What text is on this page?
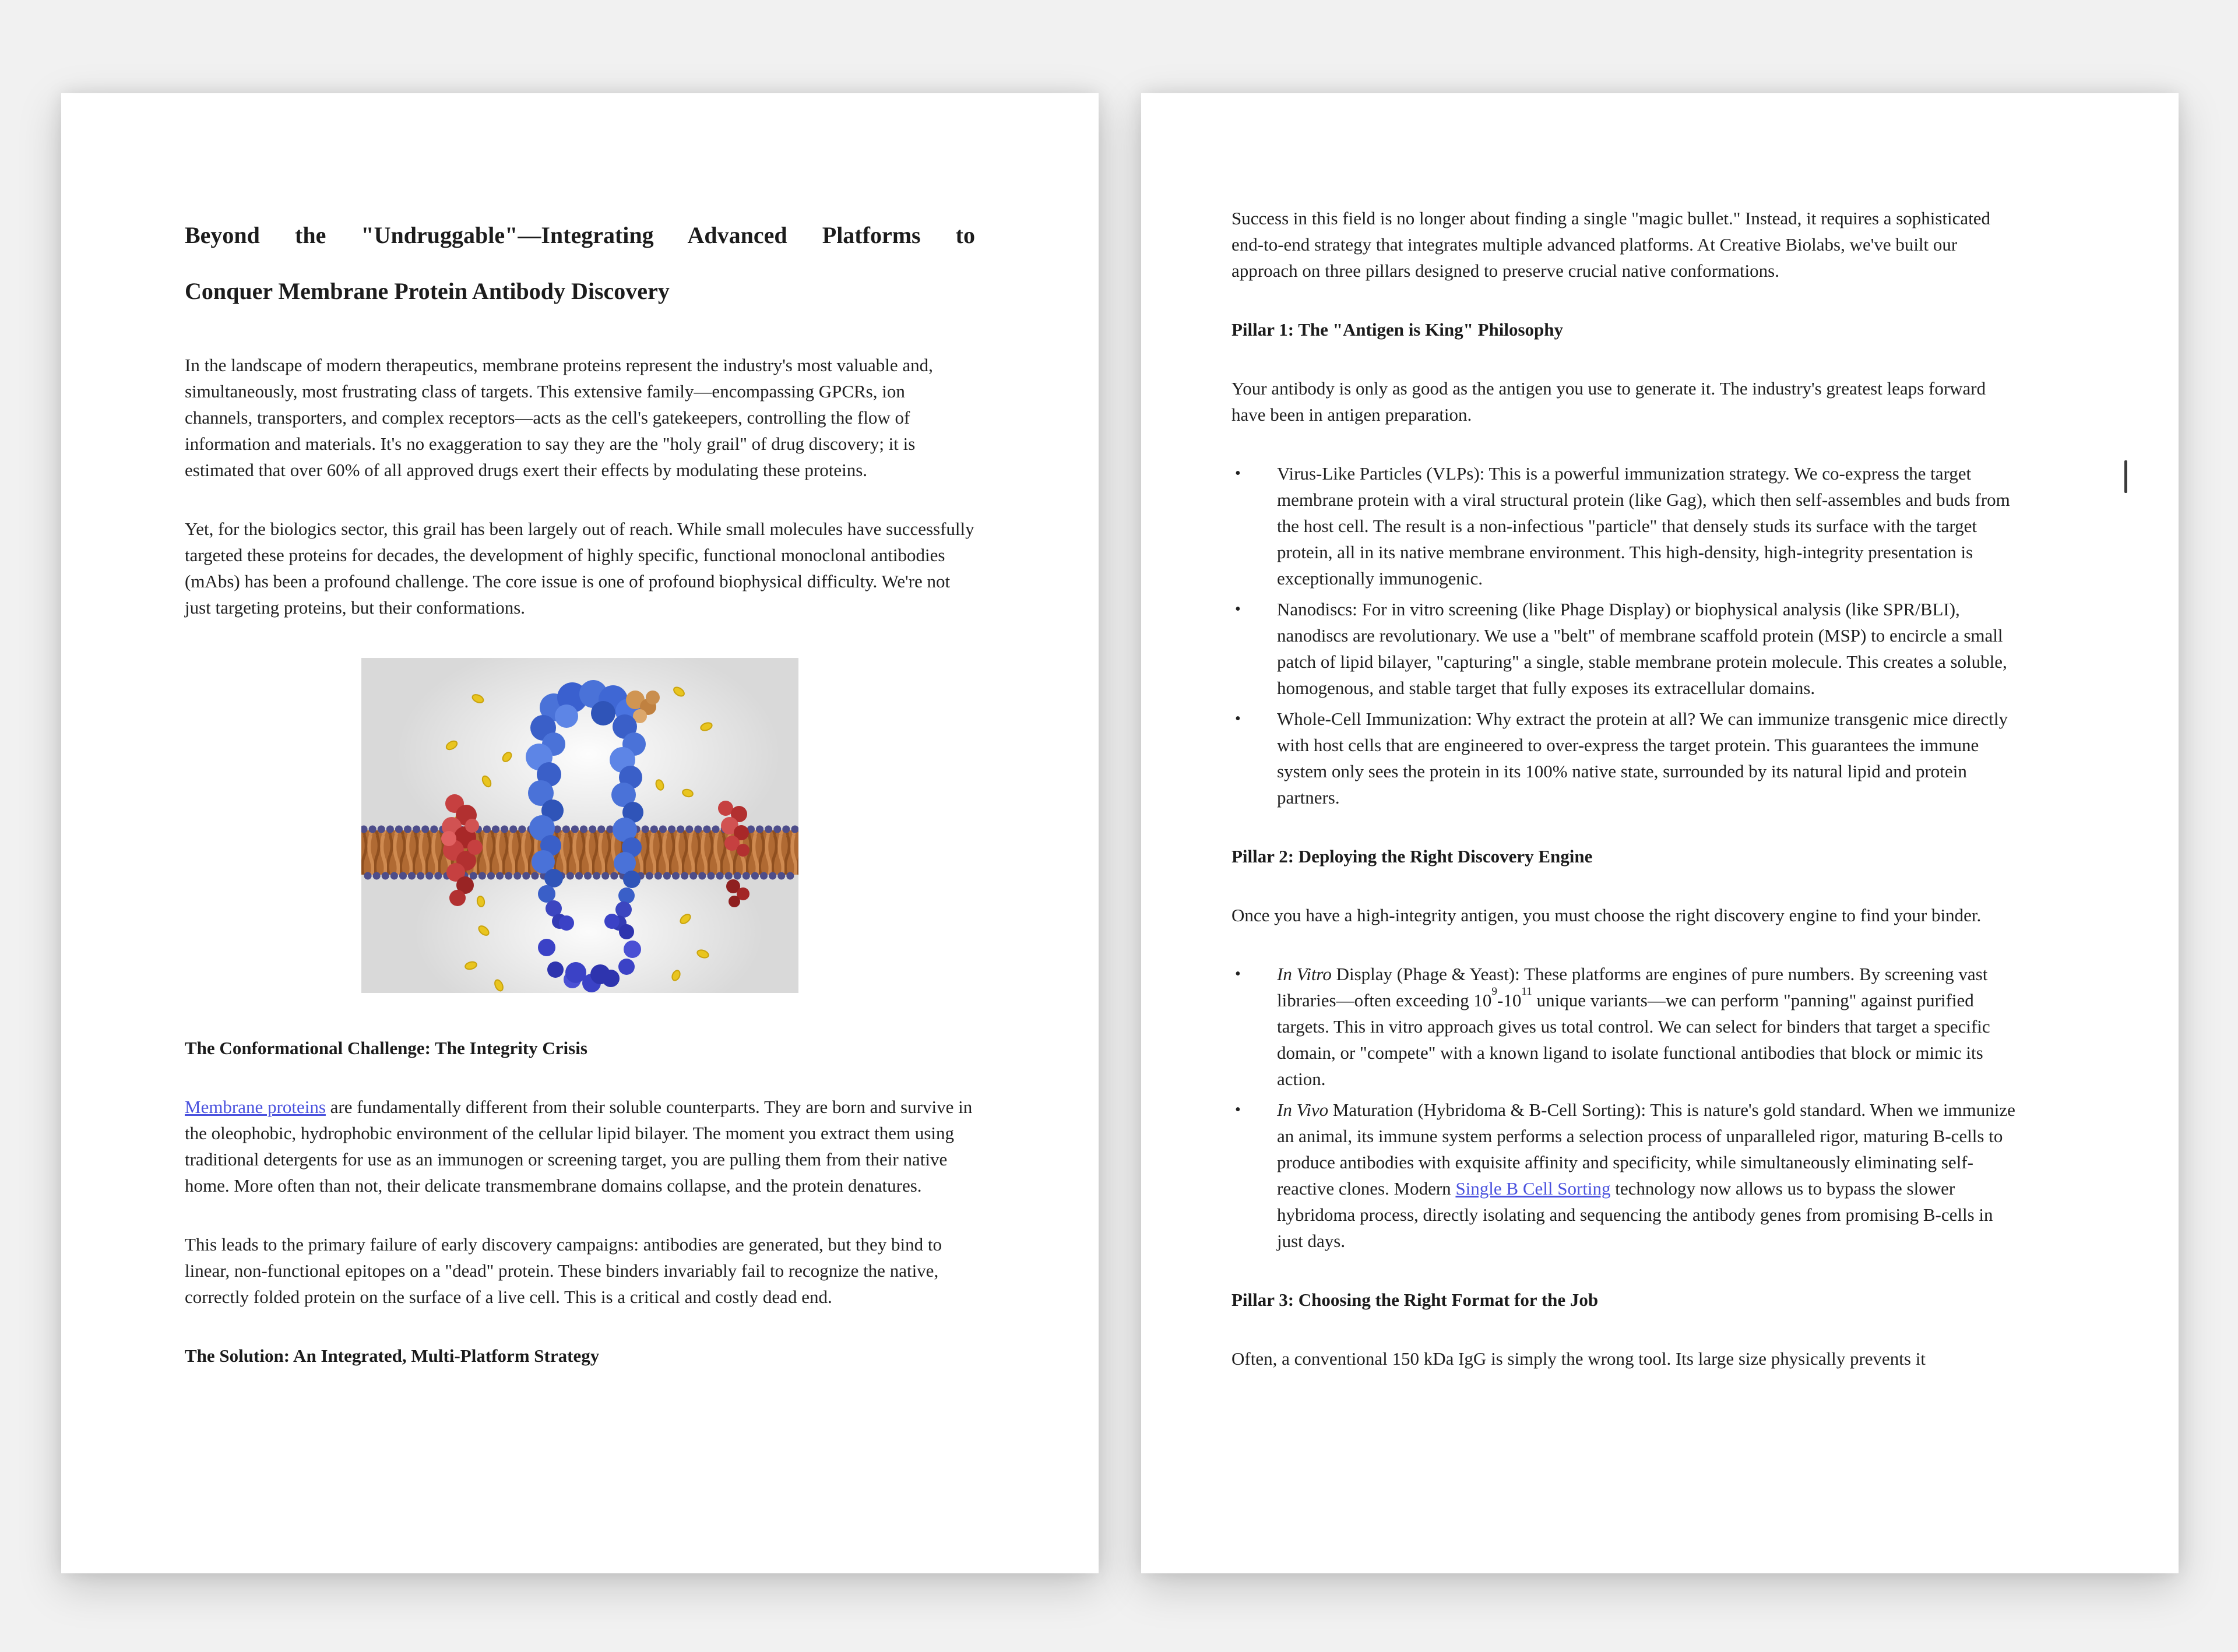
Beyond the "Undruggable"—Integrating Advanced Platforms to
Conquer Membrane Protein Antibody Discovery

In the landscape of modern therapeutics, membrane proteins represent the industry's most valuable and, simultaneously, most frustrating class of targets. This extensive family—encompassing GPCRs, ion channels, transporters, and complex receptors—acts as the cell's gatekeepers, controlling the flow of information and materials. It's no exaggeration to say they are the "holy grail" of drug discovery; it is estimated that over 60% of all approved drugs exert their effects by modulating these proteins.

Yet, for the biologics sector, this grail has been largely out of reach. While small molecules have successfully targeted these proteins for decades, the development of highly specific, functional monoclonal antibodies (mAbs) has been a profound challenge. The core issue is one of profound biophysical difficulty. We're not just targeting proteins, but their conformations.

The Conformational Challenge: The Integrity Crisis

Membrane proteins are fundamentally different from their soluble counterparts. They are born and survive in the oleophobic, hydrophobic environment of the cellular lipid bilayer. The moment you extract them using traditional detergents for use as an immunogen or screening target, you are pulling them from their native home. More often than not, their delicate transmembrane domains collapse, and the protein denatures.

This leads to the primary failure of early discovery campaigns: antibodies are generated, but they bind to linear, non-functional epitopes on a "dead" protein. These binders invariably fail to recognize the native, correctly folded protein on the surface of a live cell. This is a critical and costly dead end.

The Solution: An Integrated, Multi-Platform Strategy

Success in this field is no longer about finding a single "magic bullet." Instead, it requires a sophisticated end-to-end strategy that integrates multiple advanced platforms. At Creative Biolabs, we've built our approach on three pillars designed to preserve crucial native conformations.

Pillar 1: The "Antigen is King" Philosophy

Your antibody is only as good as the antigen you use to generate it. The industry's greatest leaps forward have been in antigen preparation.

• Virus-Like Particles (VLPs): This is a powerful immunization strategy. We co-express the target membrane protein with a viral structural protein (like Gag), which then self-assembles and buds from the host cell. The result is a non-infectious "particle" that densely studs its surface with the target protein, all in its native membrane environment. This high-density, high-integrity presentation is exceptionally immunogenic.
• Nanodiscs: For in vitro screening (like Phage Display) or biophysical analysis (like SPR/BLI), nanodiscs are revolutionary. We use a "belt" of membrane scaffold protein (MSP) to encircle a small patch of lipid bilayer, "capturing" a single, stable membrane protein molecule. This creates a soluble, homogenous, and stable target that fully exposes its extracellular domains.
• Whole-Cell Immunization: Why extract the protein at all? We can immunize transgenic mice directly with host cells that are engineered to over-express the target protein. This guarantees the immune system only sees the protein in its 100% native state, surrounded by its natural lipid and protein partners.
Pillar 2: Deploying the Right Discovery Engine

Once you have a high-integrity antigen, you must choose the right discovery engine to find your binder.

• In Vitro Display (Phage & Yeast): These platforms are engines of pure numbers. By screening vast libraries—often exceeding $10^9-10^{11}$ unique variants—we can perform "panning" against purified targets. This in vitro approach gives us total control. We can select for binders that target a specific domain, or "compete" with a known ligand to isolate functional antibodies that block or mimic its action.
• In Vivo Maturation (Hybridoma & B-Cell Sorting): This is nature's gold standard. When we immunize an animal, its immune system performs a selection process of unparalleled rigor, maturing B-cells to produce antibodies with exquisite affinity and specificity, while simultaneously eliminating self-reactive clones. Modern Single B Cell Sorting technology now allows us to bypass the slower hybridoma process, directly isolating and sequencing the antibody genes from promising B-cells in just days.
Pillar 3: Choosing the Right Format for the Job

Often, a conventional 150 kDa IgG is simply the wrong tool. Its large size physically prevents it
